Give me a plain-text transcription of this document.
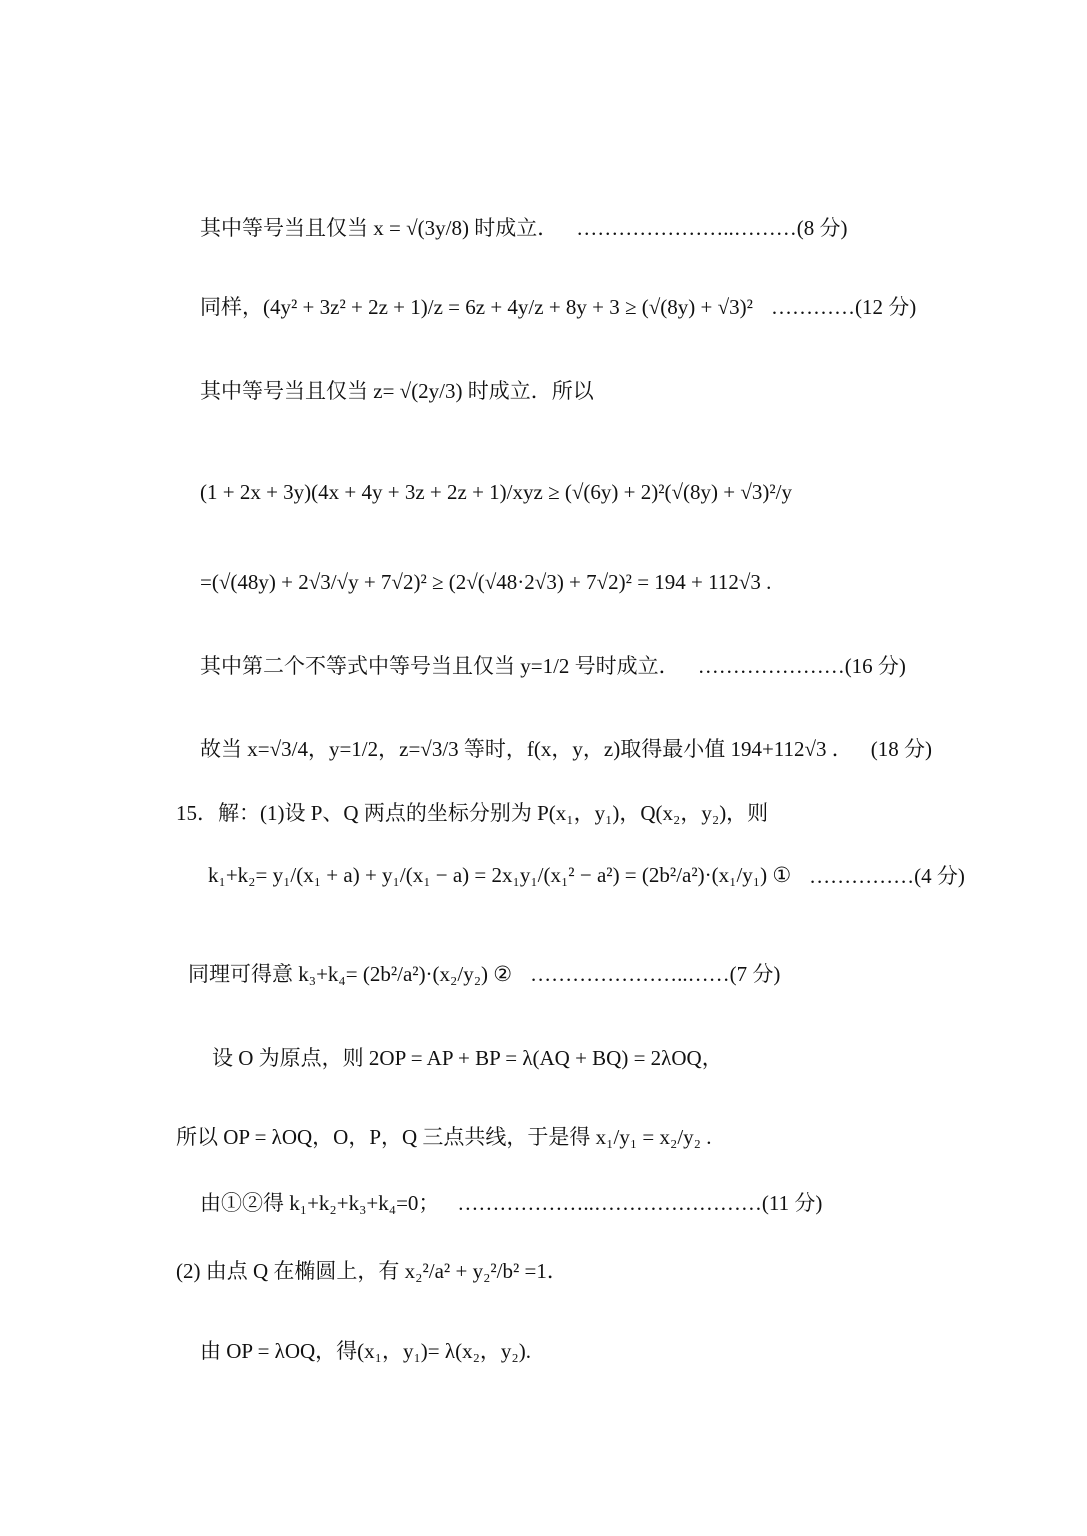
其中等号当且仅当 x = √(3y/8) 时成立． …………………..………(8 分)
同样，(4y² + 3z² + 2z + 1)/z = 6z + 4y/z + 8y + 3 ≥ (√(8y) + √3)² …………(12 分)
其中等号当且仅当 z= √(2y/3) 时成立．所以
(1 + 2x + 3y)(4x + 4y + 3z + 2z + 1)/xyz ≥ (√(6y) + 2)²(√(8y) + √3)²/y
=(√(48y) + 2√3/√y + 7√2)² ≥ (2√(√48·2√3) + 7√2)² = 194 + 112√3 .
其中第二个不等式中等号当且仅当 y=1/2 号时成立． …………………(16 分)
故当 x=√3/4，y=1/2，z=√3/3 等时，f(x，y，z)取得最小值 194+112√3 ． (18 分)
15．解：(1)设 P、Q 两点的坐标分别为 P(x₁，y₁)，Q(x₂，y₂)，则
k₁+k₂= y₁/(x₁ + a) + y₁/(x₁ − a) = 2x₁y₁/(x₁² − a²) = (2b²/a²)·(x₁/y₁) ① ……………(4 分)
同理可得意 k₃+k₄= (2b²/a²)·(x₂/y₂) ② …………………..……(7 分)
设 O 为原点，则 2OP = AP + BP = λ(AQ + BQ) = 2λOQ，
所以 OP = λOQ，O，P，Q 三点共线，于是得 x₁/y₁ = x₂/y₂ .
由①②得 k₁+k₂+k₃+k₄=0； ………………..……………………(11 分)
(2) 由点 Q 在椭圆上，有 x₂²/a² + y₂²/b² =1．
由 OP = λOQ，得(x₁，y₁)= λ(x₂，y₂).
